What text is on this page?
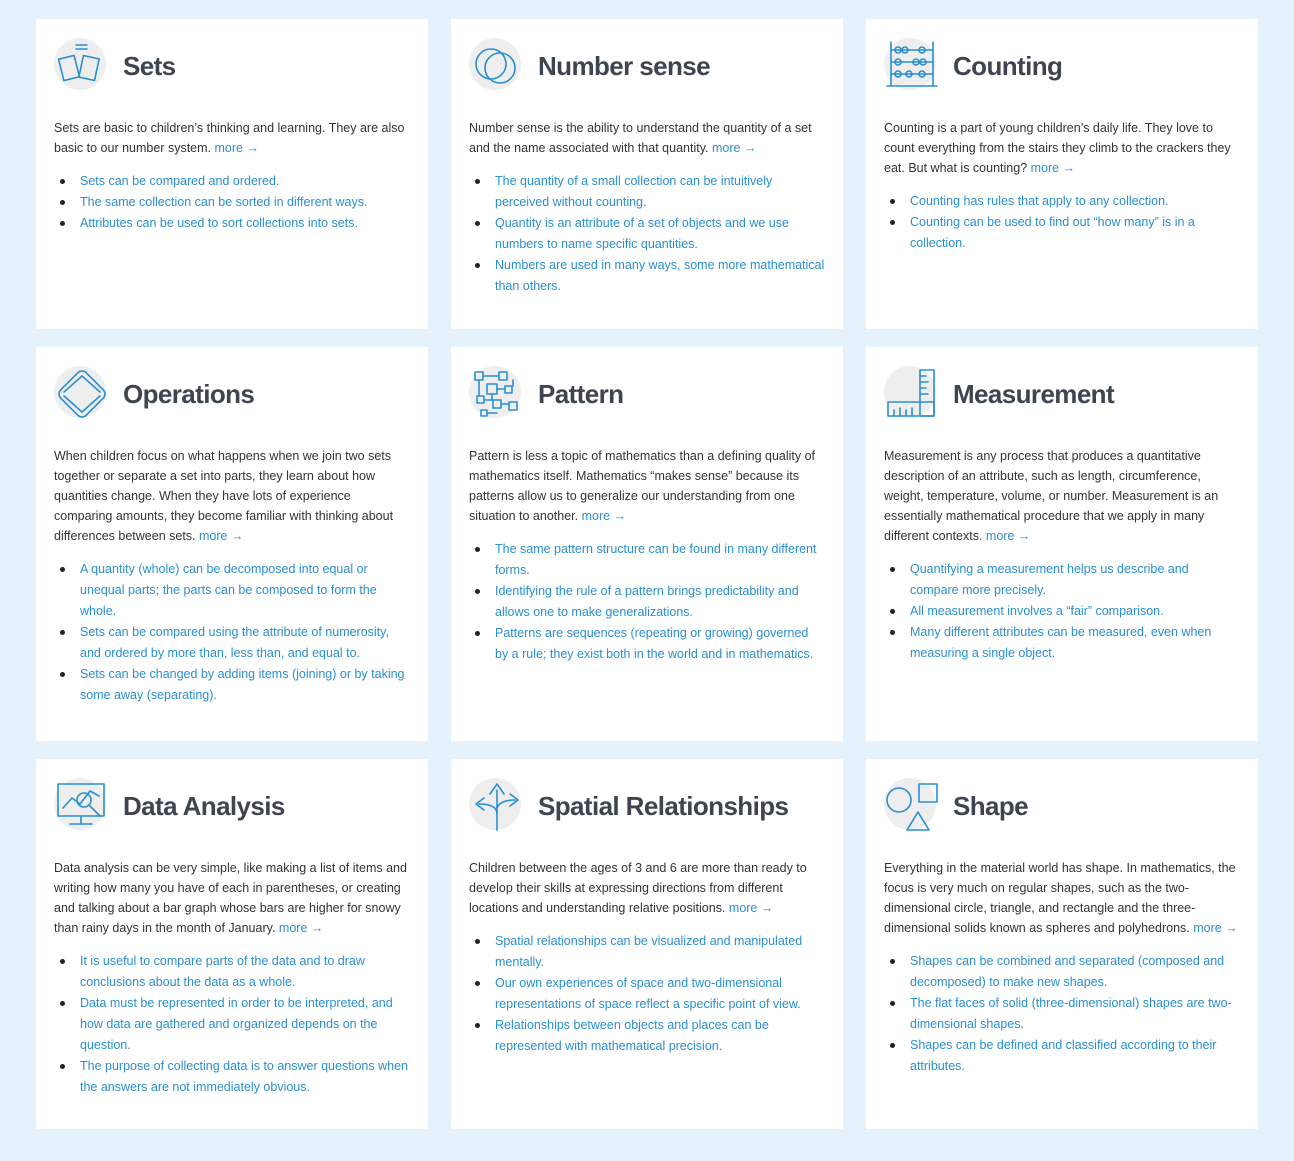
Sets

Sets are basic to children’s thinking and learning. They are also basic to our number system. more →

Sets can be compared and ordered.
The same collection can be sorted in different ways.
Attributes can be used to sort collections into sets.
Number sense

Number sense is the ability to understand the quantity of a set and the name associated with that quantity. more →

The quantity of a small collection can be intuitively perceived without counting.
Quantity is an attribute of a set of objects and we use numbers to name specific quantities.
Numbers are used in many ways, some more mathematical than others.
Counting

Counting is a part of young children’s daily life. They love to count everything from the stairs they climb to the crackers they eat. But what is counting? more →

Counting has rules that apply to any collection.
Counting can be used to find out “how many” is in a collection.
Operations

When children focus on what happens when we join two sets together or separate a set into parts, they learn about how quantities change. When they have lots of experience comparing amounts, they become familiar with thinking about differences between sets. more →

A quantity (whole) can be decomposed into equal or unequal parts; the parts can be composed to form the whole.
Sets can be compared using the attribute of numerosity, and ordered by more than, less than, and equal to.
Sets can be changed by adding items (joining) or by taking some away (separating).
Pattern

Pattern is less a topic of mathematics than a defining quality of mathematics itself. Mathematics “makes sense” because its patterns allow us to generalize our understanding from one situation to another. more →

The same pattern structure can be found in many different forms.
Identifying the rule of a pattern brings predictability and allows one to make generalizations.
Patterns are sequences (repeating or growing) governed by a rule; they exist both in the world and in mathematics.
Measurement

Measurement is any process that produces a quantitative description of an attribute, such as length, circumference, weight, temperature, volume, or number. Measurement is an essentially mathematical procedure that we apply in many different contexts. more →

Quantifying a measurement helps us describe and compare more precisely.
All measurement involves a “fair” comparison.
Many different attributes can be measured, even when measuring a single object.
Data Analysis

Data analysis can be very simple, like making a list of items and writing how many you have of each in parentheses, or creating and talking about a bar graph whose bars are higher for snowy than rainy days in the month of January. more →

It is useful to compare parts of the data and to draw conclusions about the data as a whole.
Data must be represented in order to be interpreted, and how data are gathered and organized depends on the question.
The purpose of collecting data is to answer questions when the answers are not immediately obvious.
Spatial Relationships

Children between the ages of 3 and 6 are more than ready to develop their skills at expressing directions from different locations and understanding relative positions. more →

Spatial relationships can be visualized and manipulated mentally.
Our own experiences of space and two-dimensional representations of space reflect a specific point of view.
Relationships between objects and places can be represented with mathematical precision.
Shape

Everything in the material world has shape. In mathematics, the focus is very much on regular shapes, such as the two-dimensional circle, triangle, and rectangle and the three-dimensional solids known as spheres and polyhedrons. more →

Shapes can be combined and separated (composed and decomposed) to make new shapes.
The flat faces of solid (three-dimensional) shapes are two-dimensional shapes.
Shapes can be defined and classified according to their attributes.
